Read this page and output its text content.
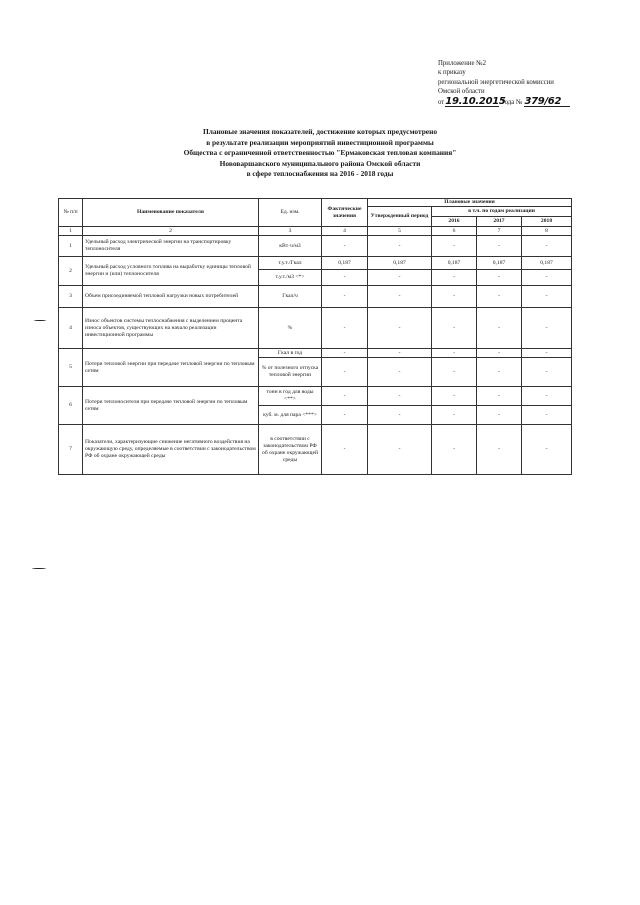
Приложение №2
к приказу
региональной энергетической комиссии
Омской области
от19.10.2015 года № 379/62
Плановые значения показателей, достижение которых предусмотрено
в результате реализации мероприятий инвестиционной программы
Общества с ограниченной ответственностью "Ермаковская тепловая компания"
Нововаршавского муниципального района Омской области
в сфере теплоснабжения на 2016 - 2018 годы
№ п/п	Наименование показателя	Ед. изм.	Фактические значения	Плановые значения			
				Утвержденный период	в т.ч. по годам реализации		
					2016	2017	2018
1	2	3	4	5	6	7	8
1	Удельный расход электрической энергии на транспортировку теплоносителя	кВт·ч/м3	-	-	-	-	-
2	Удельный расход условного топлива на выработку единицы тепловой энергии и (или) теплоносителя	т.у.т./Гкал	0,187	0,187	0,187	0,187	0,187
		т.у.т./м3 <*>	-	-	-	-	-
3	Объем присоединяемой тепловой нагрузки новых потребителей	Гкал/ч	-	-	-	-	-
4	Износ объектов системы теплоснабжения с выделением процента износа объектов, существующих на начало реализации инвестиционной программы	%	-	-	-	-	-
5	Потери тепловой энергии при передаче тепловой энергии по тепловым сетям	Гкал в год	-	-	-	-	-
		% от полезного отпуска тепловой энергии	-	-	-	-	-
6	Потери теплоносителя при передаче тепловой энергии по тепловым сетям	тонн в год для воды <**>	-	-	-	-	-
		куб. м. для пара <***>	-	-	-	-	-
7	Показатели, характеризующие снижение негативного воздействия на окружающую среду, определяемые в соответствии с законодательством РФ об охране окружающей среды	в соответствии с законодательством РФ об охране окружающей среды	-	-	-	-	-
